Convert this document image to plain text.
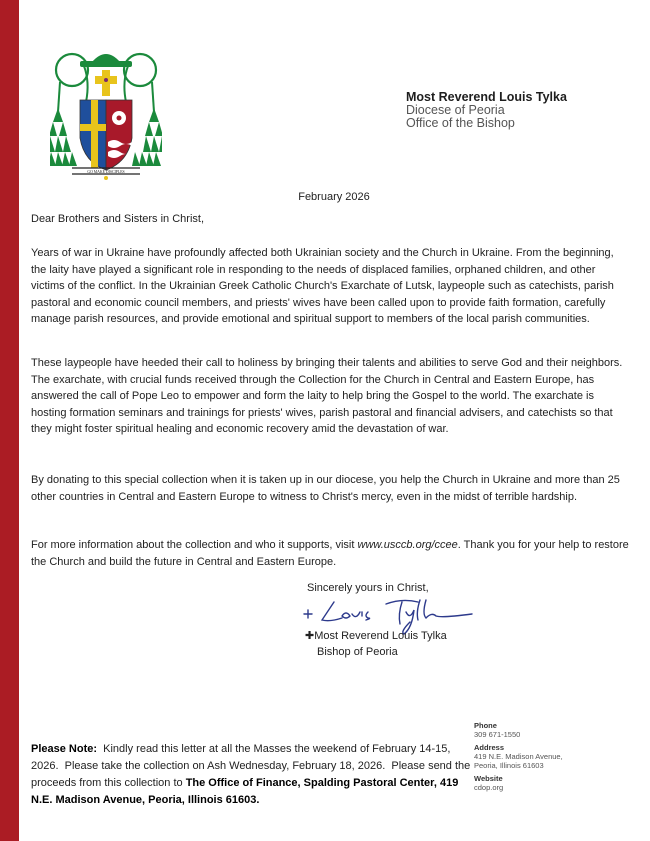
GO MAKE DISCIPLES
Most Reverend Louis Tylka
Diocese of Peoria
Office of the Bishop
February 2026

Dear Brothers and Sisters in Christ,

Years of war in Ukraine have profoundly affected both Ukrainian society and the Church in Ukraine. From the beginning, the laity have played a significant role in responding to the needs of displaced families, orphaned children, and other victims of the conflict. In the Ukrainian Greek Catholic Church's Exarchate of Lutsk, laypeople such as catechists, parish pastoral and economic council members, and priests' wives have been called upon to provide faith formation, carefully manage parish resources, and provide emotional and spiritual support to members of the local parish communities.

These laypeople have heeded their call to holiness by bringing their talents and abilities to serve God and their neighbors. The exarchate, with crucial funds received through the Collection for the Church in Central and Eastern Europe, has answered the call of Pope Leo to empower and form the laity to help bring the Gospel to the world. The exarchate is hosting formation seminars and trainings for priests' wives, parish pastoral and financial advisers, and catechists so that they might foster spiritual healing and economic recovery amid the devastation of war.

By donating to this special collection when it is taken up in our diocese, you help the Church in Ukraine and more than 25 other countries in Central and Eastern Europe to witness to Christ's mercy, even in the midst of terrible hardship.

For more information about the collection and who it supports, visit www.usccb.org/ccee. Thank you for your help to restore the Church and build the future in Central and Eastern Europe.

Sincerely yours in Christ,
✚Most Reverend Louis Tylka
Bishop of Peoria

Please Note:  Kindly read this letter at all the Masses the weekend of February 14-15, 2026.  Please take the collection on Ash Wednesday, February 18, 2026.  Please send the proceeds from this collection to The Office of Finance, Spalding Pastoral Center, 419 N.E. Madison Avenue, Peoria, Illinois 61603.

Phone
309 671-1550
Address
419 N.E. Madison Avenue,
Peoria, Illinois 61603
Website
cdop.org
